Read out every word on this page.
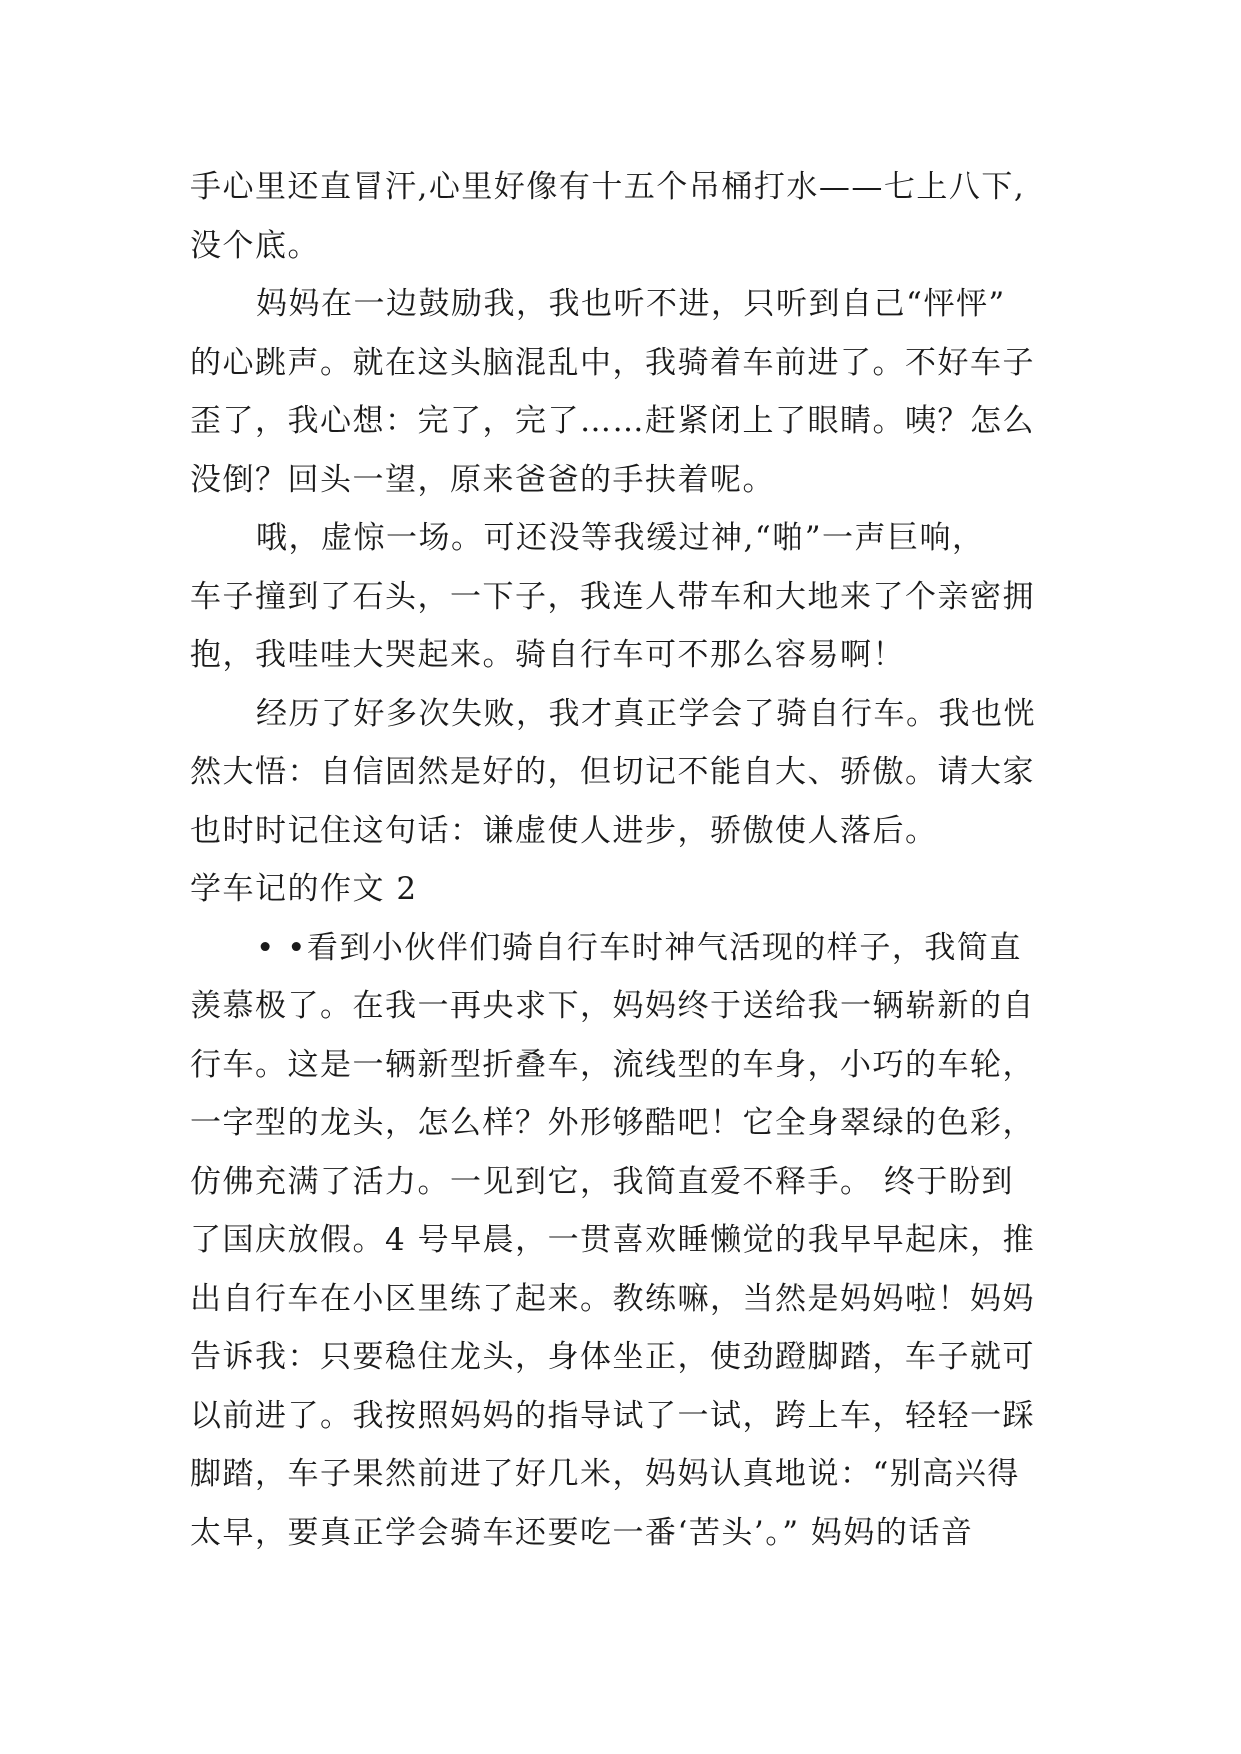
手心里还直冒汗,心里好像有十五个吊桶打水——七上八下,
没个底。
妈妈在一边鼓励我，我也听不进，只听到自己“怦怦”
的心跳声。就在这头脑混乱中，我骑着车前进了。不好车子
歪了，我心想：完了，完了……赶紧闭上了眼睛。咦？怎么
没倒？回头一望，原来爸爸的手扶着呢。
哦，虚惊一场。可还没等我缓过神,“啪”一声巨响，
车子撞到了石头，一下子，我连人带车和大地来了个亲密拥
抱，我哇哇大哭起来。骑自行车可不那么容易啊！
经历了好多次失败，我才真正学会了骑自行车。我也恍
然大悟：自信固然是好的，但切记不能自大、骄傲。请大家
也时时记住这句话：谦虚使人进步，骄傲使人落后。
学车记的作文 2
• •看到小伙伴们骑自行车时神气活现的样子，我简直
羡慕极了。在我一再央求下，妈妈终于送给我一辆崭新的自
行车。这是一辆新型折叠车，流线型的车身，小巧的车轮，
一字型的龙头，怎么样？外形够酷吧！它全身翠绿的色彩，
仿佛充满了活力。一见到它，我简直爱不释手。 终于盼到
了国庆放假。4 号早晨，一贯喜欢睡懒觉的我早早起床，推
出自行车在小区里练了起来。教练嘛，当然是妈妈啦！妈妈
告诉我：只要稳住龙头，身体坐正，使劲蹬脚踏，车子就可
以前进了。我按照妈妈的指导试了一试，跨上车，轻轻一踩
脚踏，车子果然前进了好几米，妈妈认真地说：“别高兴得
太早，要真正学会骑车还要吃一番‘苦头’。” 妈妈的话音
